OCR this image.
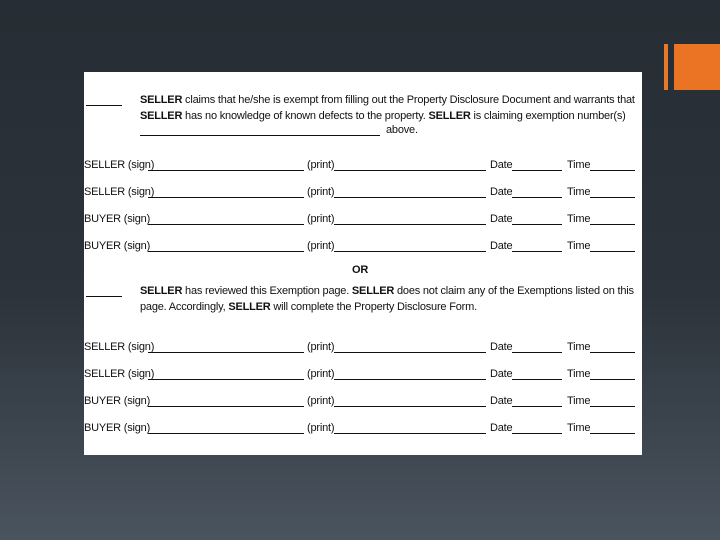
SELLER claims that he/she is exempt from filling out the Property Disclosure Document and warrants that SELLER has no knowledge of known defects to the property. SELLER is claiming exemption number(s)
above.
SELLER (sign)	(print)	Date	Time
SELLER (sign)	(print)	Date	Time
BUYER (sign)	(print)	Date	Time
BUYER (sign)	(print)	Date	Time
OR
SELLER has reviewed this Exemption page. SELLER does not claim any of the Exemptions listed on this page. Accordingly, SELLER will complete the Property Disclosure Form.
SELLER (sign)	(print)	Date	Time
SELLER (sign)	(print)	Date	Time
BUYER (sign)	(print)	Date	Time
BUYER (sign)	(print)	Date	Time
